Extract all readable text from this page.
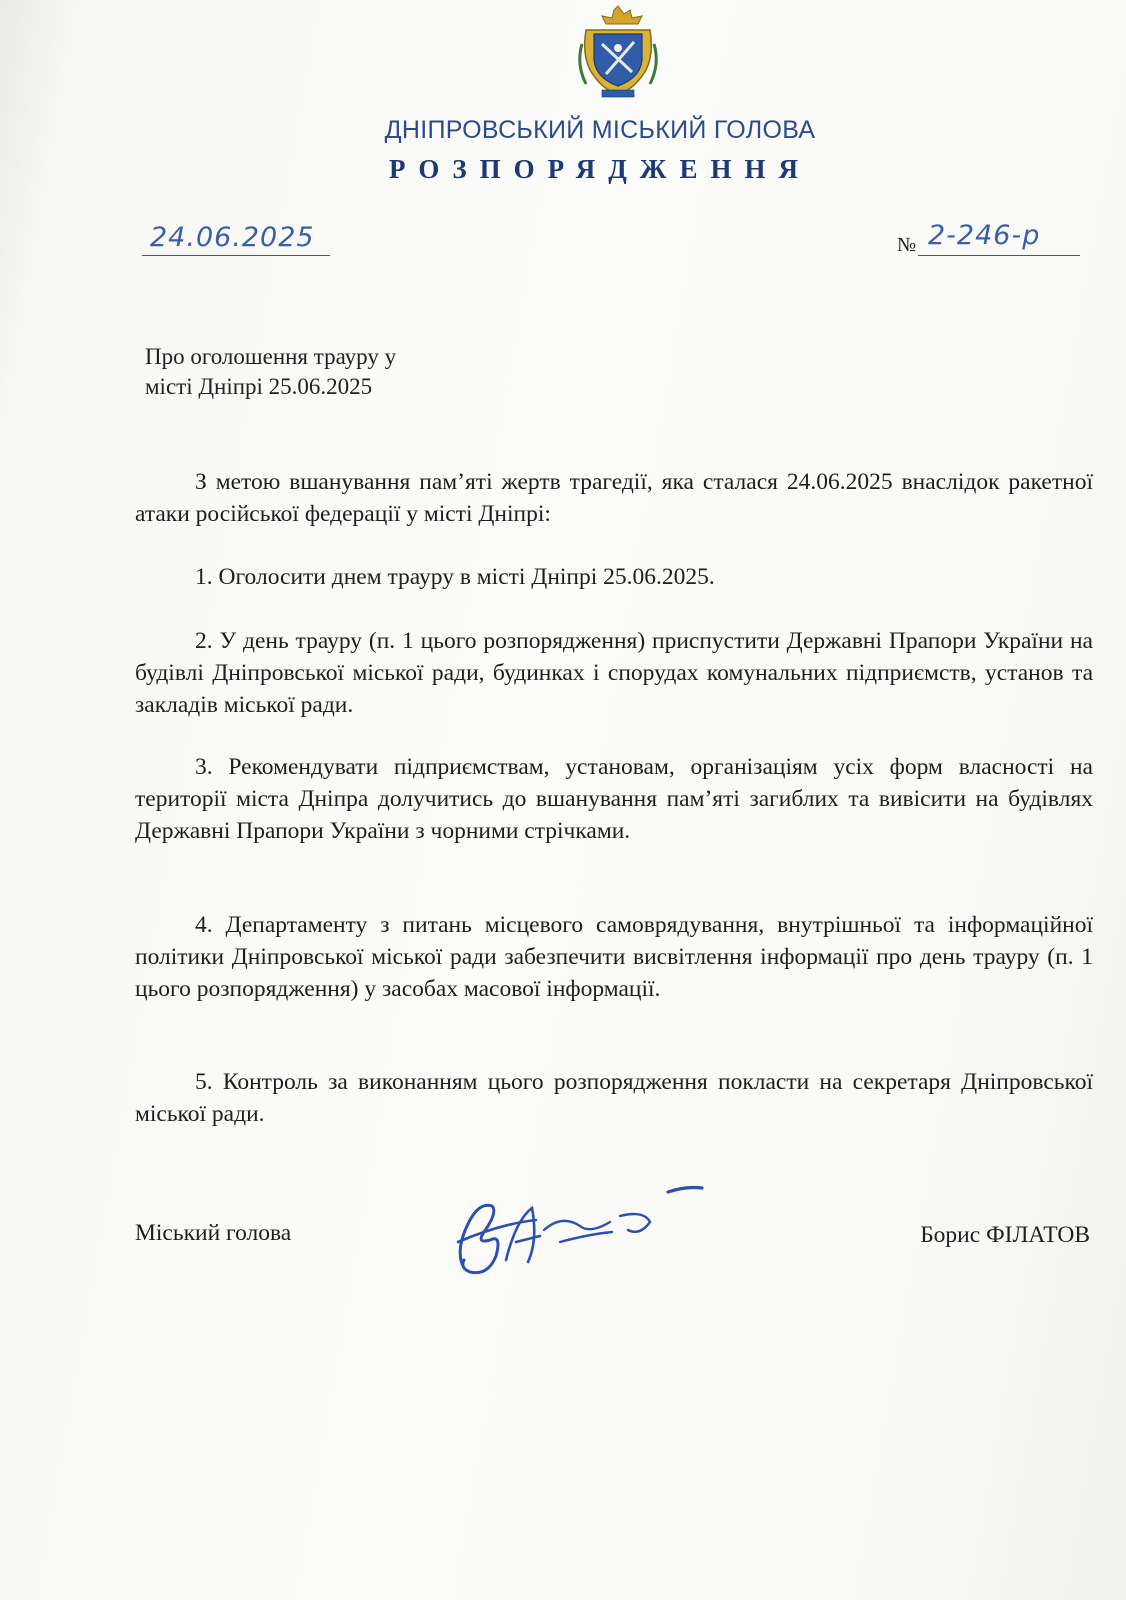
ДНІПРОВСЬКИЙ МІСЬКИЙ ГОЛОВА
РОЗПОРЯДЖЕННЯ
24.06.2025	№ 2-246-р
Про оголошення трауру у
місті Дніпрі 25.06.2025

З метою вшанування пам’яті жертв трагедії, яка сталася 24.06.2025 внаслідок ракетної атаки російської федерації у місті Дніпрі:

1. Оголосити днем трауру в місті Дніпрі 25.06.2025.

2. У день трауру (п. 1 цього розпорядження) приспустити Державні Прапори України на будівлі Дніпровської міської ради, будинках і спорудах комунальних підприємств, установ та закладів міської ради.

3. Рекомендувати підприємствам, установам, організаціям усіх форм власності на території міста Дніпра долучитись до вшанування пам’яті загиблих та вивісити на будівлях Державні Прапори України з чорними стрічками.

4. Департаменту з питань місцевого самоврядування, внутрішньої та інформаційної політики Дніпровської міської ради забезпечити висвітлення інформації про день трауру (п. 1 цього розпорядження) у засобах масової інформації.

5. Контроль за виконанням цього розпорядження покласти на секретаря Дніпровської міської ради.

Міський голова	Борис ФІЛАТОВ
